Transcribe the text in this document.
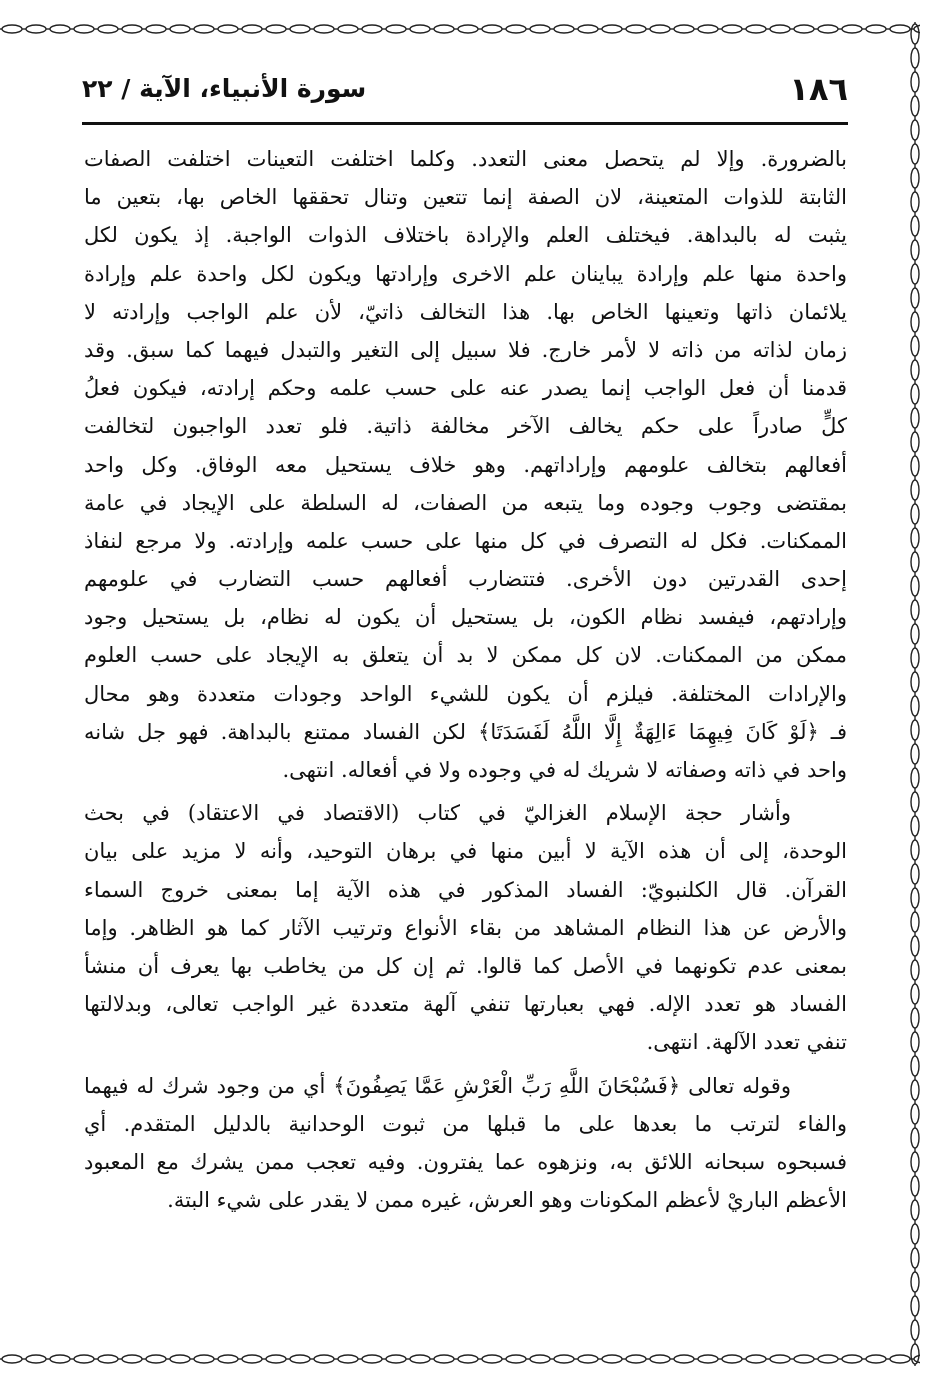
١٨٦
سورة الأنبياء، الآية / ٢٢
بالضرورة. وإلا لم يتحصل معنى التعدد. وكلما اختلفت التعينات اختلفت الصفات
الثابتة للذوات المتعينة، لان الصفة إنما تتعين وتنال تحققها الخاص بها، بتعين ما
يثبت له بالبداهة. فيختلف العلم والإرادة باختلاف الذوات الواجبة. إذ يكون لكل
واحدة منها علم وإرادة يباينان علم الاخرى وإرادتها ويكون لكل واحدة علم وإرادة
يلائمان ذاتها وتعينها الخاص بها. هذا التخالف ذاتيّ، لأن علم الواجب وإرادته لا
زمان لذاته من ذاته لا لأمر خارج. فلا سبيل إلى التغير والتبدل فيهما كما سبق. وقد
قدمنا أن فعل الواجب إنما يصدر عنه على حسب علمه وحكم إرادته، فيكون فعلُ
كلٍّ صادراً على حكم يخالف الآخر مخالفة ذاتية. فلو تعدد الواجبون لتخالفت
أفعالهم بتخالف علومهم وإراداتهم. وهو خلاف يستحيل معه الوفاق. وكل واحد
بمقتضى وجوب وجوده وما يتبعه من الصفات، له السلطة على الإيجاد في عامة
الممكنات. فكل له التصرف في كل منها على حسب علمه وإرادته. ولا مرجع لنفاذ
إحدى القدرتين دون الأخرى. فتتضارب أفعالهم حسب التضارب في علومهم
وإرادتهم، فيفسد نظام الكون، بل يستحيل أن يكون له نظام، بل يستحيل وجود
ممكن من الممكنات. لان كل ممكن لا بد أن يتعلق به الإيجاد على حسب العلوم
والإرادات المختلفة. فيلزم أن يكون للشيء الواحد وجودات متعددة وهو محال
فـ ﴿لَوْ كَانَ فِيهِمَا ءَالِهَةٌ إِلَّا اللَّهُ لَفَسَدَتَا﴾ لكن الفساد ممتنع بالبداهة. فهو جل شانه
واحد في ذاته وصفاته لا شريك له في وجوده ولا في أفعاله. انتهى.
وأشار حجة الإسلام الغزاليّ في كتاب (الاقتصاد في الاعتقاد) في بحث
الوحدة، إلى أن هذه الآية لا أبين منها في برهان التوحيد، وأنه لا مزيد على بيان
القرآن. قال الكلنبويّ: الفساد المذكور في هذه الآية إما بمعنى خروج السماء
والأرض عن هذا النظام المشاهد من بقاء الأنواع وترتيب الآثار كما هو الظاهر. وإما
بمعنى عدم تكونهما في الأصل كما قالوا. ثم إن كل من يخاطب بها يعرف أن منشأ
الفساد هو تعدد الإله. فهي بعبارتها تنفي آلهة متعددة غير الواجب تعالى، وبدلالتها
تنفي تعدد الآلهة. انتهى.
وقوله تعالى ﴿فَسُبْحَانَ اللَّهِ رَبِّ الْعَرْشِ عَمَّا يَصِفُونَ﴾ أي من وجود شرك له فيهما
والفاء لترتب ما بعدها على ما قبلها من ثبوت الوحدانية بالدليل المتقدم. أي
فسبحوه سبحانه اللائق به، ونزهوه عما يفترون. وفيه تعجب ممن يشرك مع المعبود
الأعظم الباريْ لأعظم المكونات وهو العرش، غيره ممن لا يقدر على شيء البتة.
